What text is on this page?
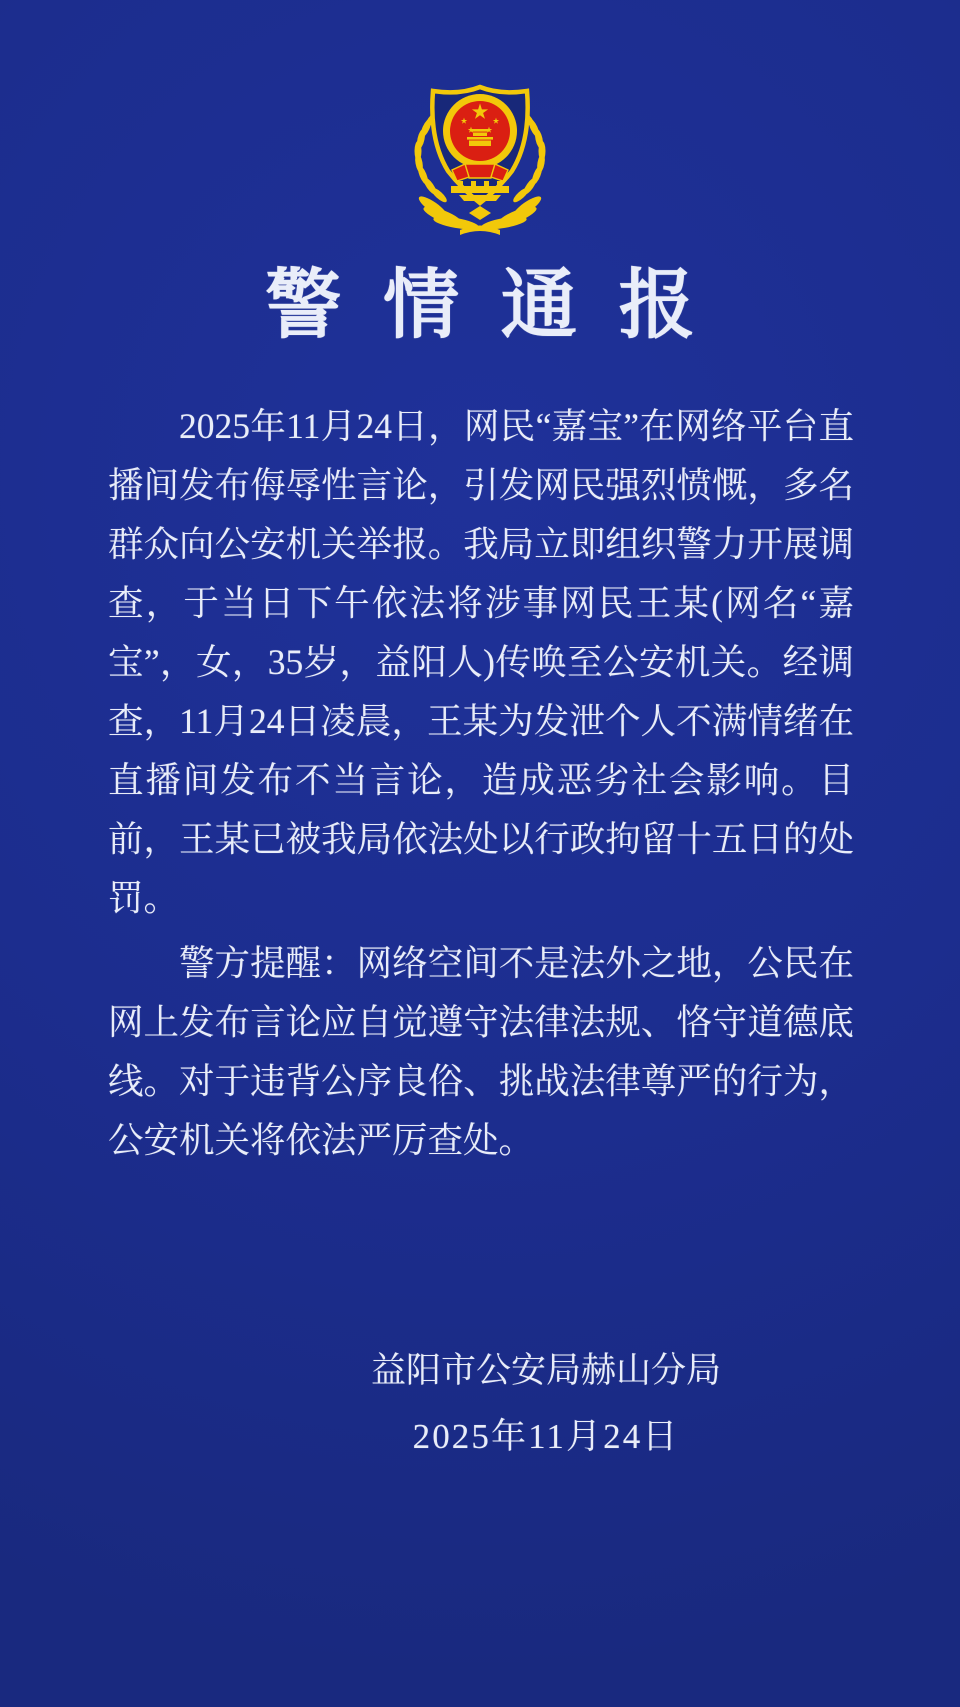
警情通报

2025年11月24日，网民“嘉宝”在网络平台直播间发布侮辱性言论，引发网民强烈愤慨，多名群众向公安机关举报。我局立即组织警力开展调查，于当日下午依法将涉事网民王某(网名“嘉宝”，女，35岁，益阳人)传唤至公安机关。经调查，11月24日凌晨，王某为发泄个人不满情绪在直播间发布不当言论，造成恶劣社会影响。目前，王某已被我局依法处以行政拘留十五日的处罚。

警方提醒：网络空间不是法外之地，公民在网上发布言论应自觉遵守法律法规、恪守道德底线。对于违背公序良俗、挑战法律尊严的行为，公安机关将依法严厉查处。

益阳市公安局赫山分局
2025年11月24日
